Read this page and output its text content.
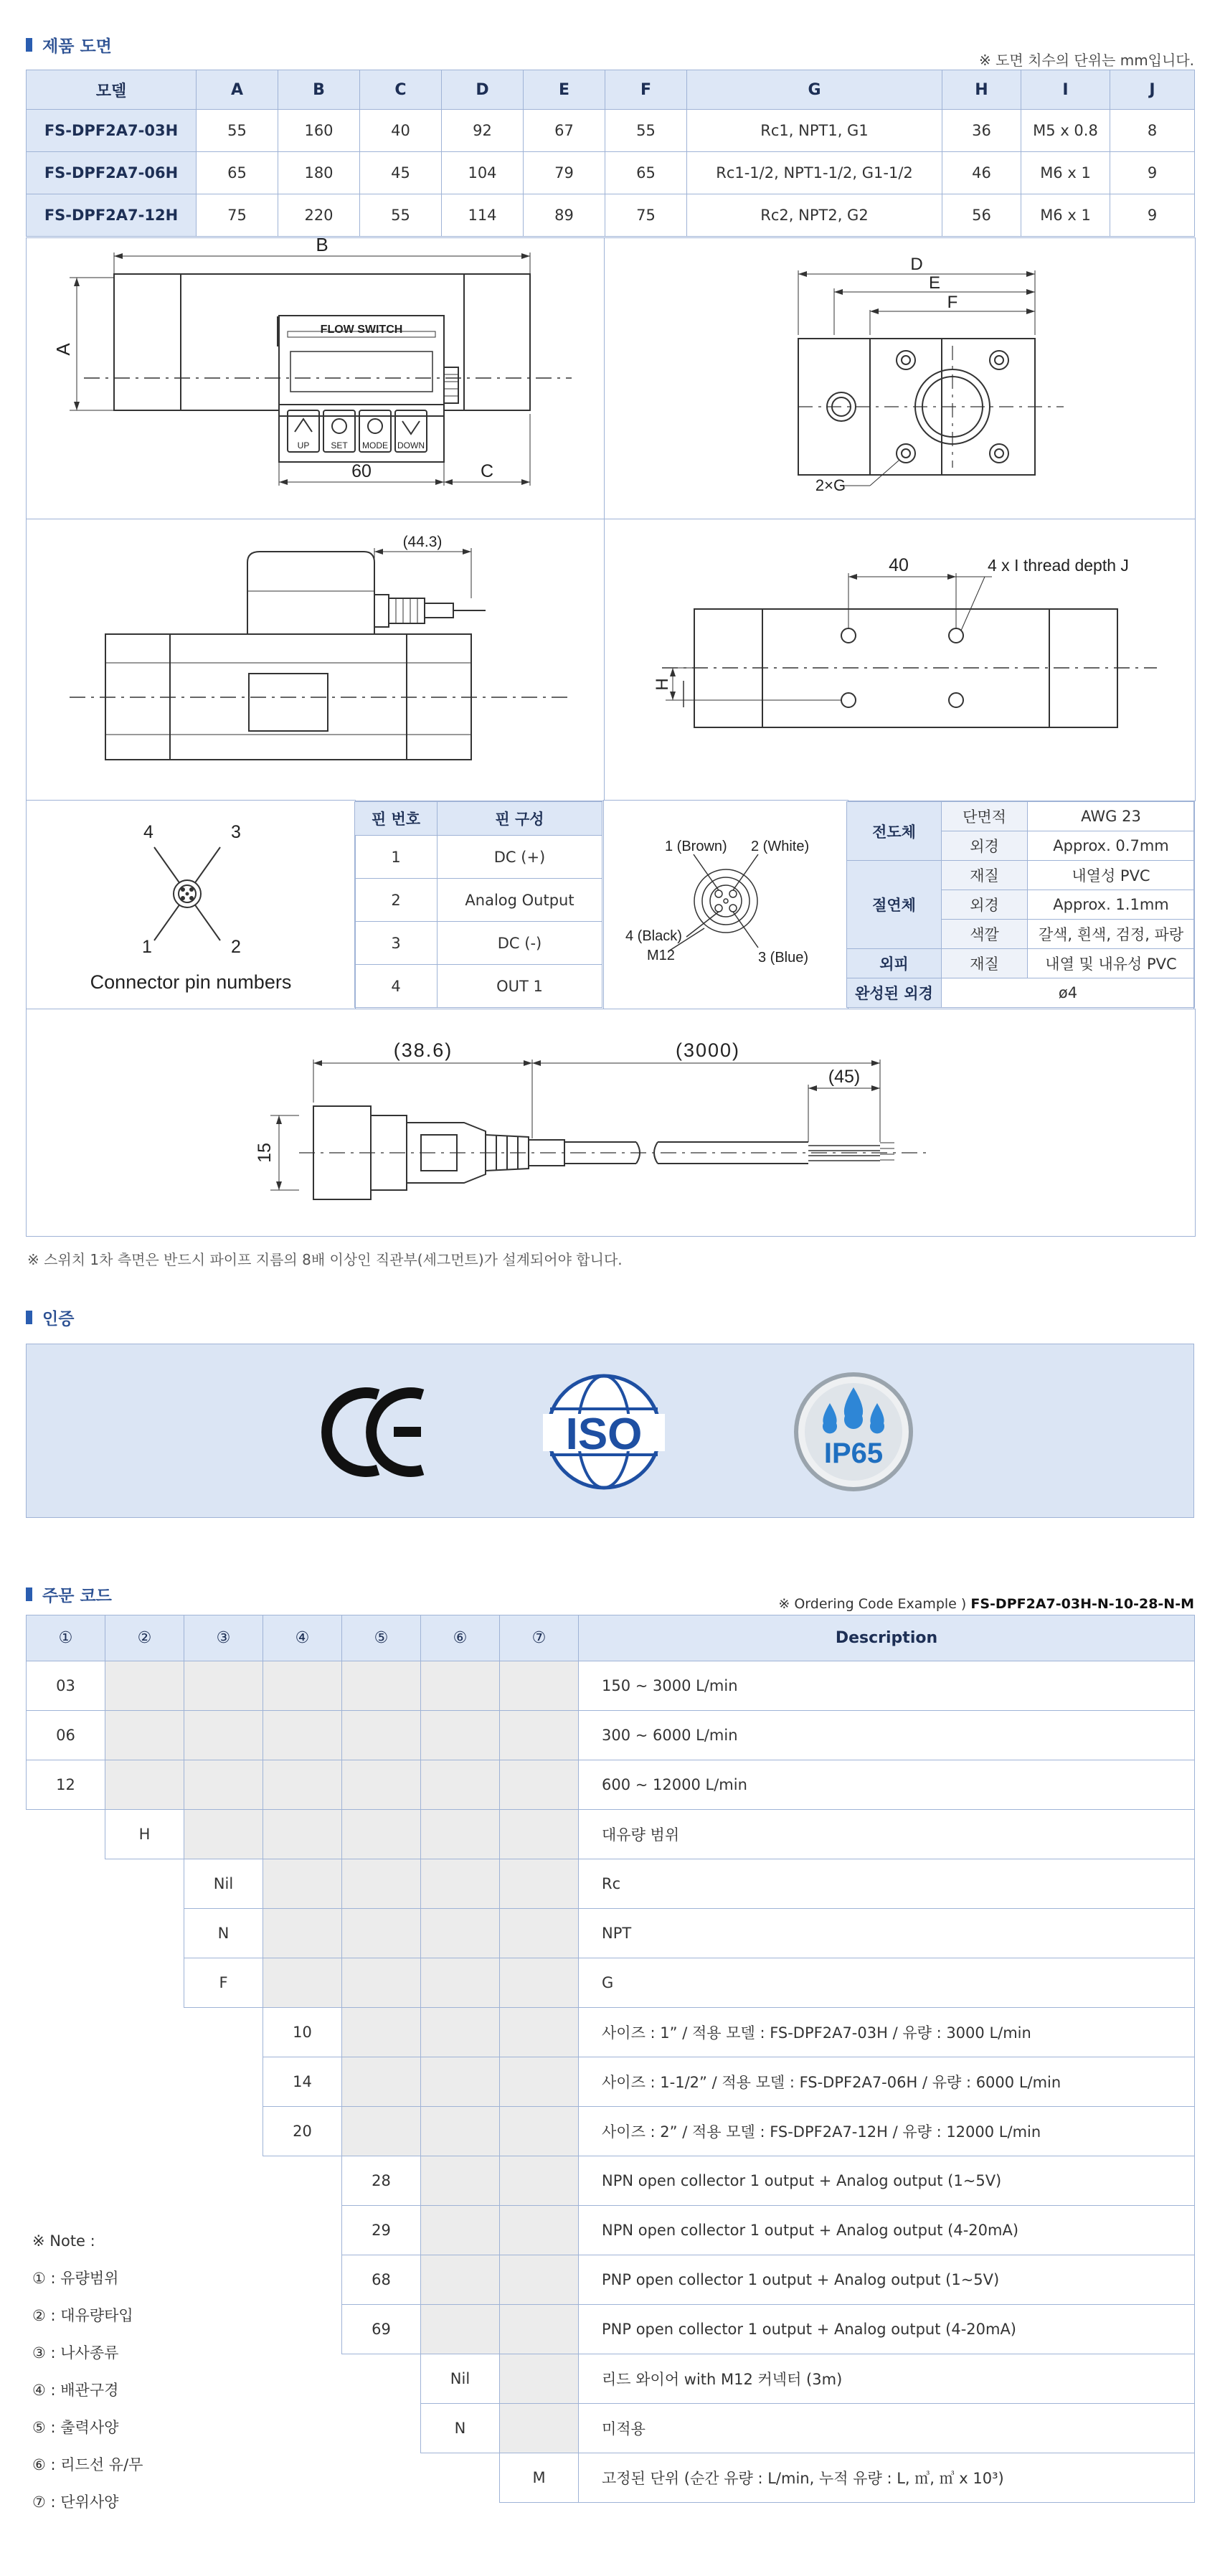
제품 도면
※ 도면 치수의 단위는 mm입니다.
모델	A	B	C	D	E	F	G	H	I	J
FS-DPF2A7-03H	55	160	40	92	67	55	Rc1, NPT1, G1	36	M5 x 0.8	8
FS-DPF2A7-06H	65	180	45	104	79	65	Rc1-1/2, NPT1-1/2, G1-1/2	46	M6 x 1	9
FS-DPF2A7-12H	75	220	55	114	89	75	Rc2, NPT2, G2	56	M6 x 1	9
B
A
FLOW SWITCH
UP SET MODE DOWN
60	C
D
E
F
2×G
(44.3)
40	4 x I thread depth J
H
4	3
1	2
Connector pin numbers
1 (Brown) 2 (White)
4 (Black)
M12	3 (Blue)
(38.6)	(3000)
(45)
15
핀 번호	핀 구성
1	DC (+)
2	Analog Output
3	DC (-)
4	OUT 1
전도체	단면적	AWG 23
	외경	Approx. 0.7mm
절연체	재질	내열성 PVC
	외경	Approx. 1.1mm
	색깔	갈색, 흰색, 검정, 파랑
외피	재질	내열 및 내유성 PVC
완성된 외경	ø4	
※ 스위치 1차 측면은 반드시 파이프 지름의 8배 이상인 직관부(세그먼트)가 설계되어야 합니다.
인증
ISO	IP65
주문 코드	※ Ordering Code Example ) FS-DPF2A7-03H-N-10-28-N-M
①	②	③	④	⑤	⑥	⑦	Description
03							150 ~ 3000 L/min
06							300 ~ 6000 L/min
12							600 ~ 12000 L/min
	H						대유량 범위
		Nil					Rc
		N					NPT
		F					G
			10				사이즈 : 1” / 적용 모델 : FS-DPF2A7-03H / 유량 : 3000 L/min
			14				사이즈 : 1-1/2” / 적용 모델 : FS-DPF2A7-06H / 유량 : 6000 L/min
			20				사이즈 : 2” / 적용 모델 : FS-DPF2A7-12H / 유량 : 12000 L/min
				28			NPN open collector 1 output + Analog output (1~5V)
				29			NPN open collector 1 output + Analog output (4-20mA)
				68			PNP open collector 1 output + Analog output (1~5V)
				69			PNP open collector 1 output + Analog output (4-20mA)
					Nil		리드 와이어 with M12 커넥터 (3m)
					N		미적용
						M	고정된 단위 (순간 유량 : L/min, 누적 유량 : L, ㎥, ㎥ x 10³)
※ Note :
① : 유량범위
② : 대유량타입
③ : 나사종류
④ : 배관구경
⑤ : 출력사양
⑥ : 리드선 유/무
⑦ : 단위사양
